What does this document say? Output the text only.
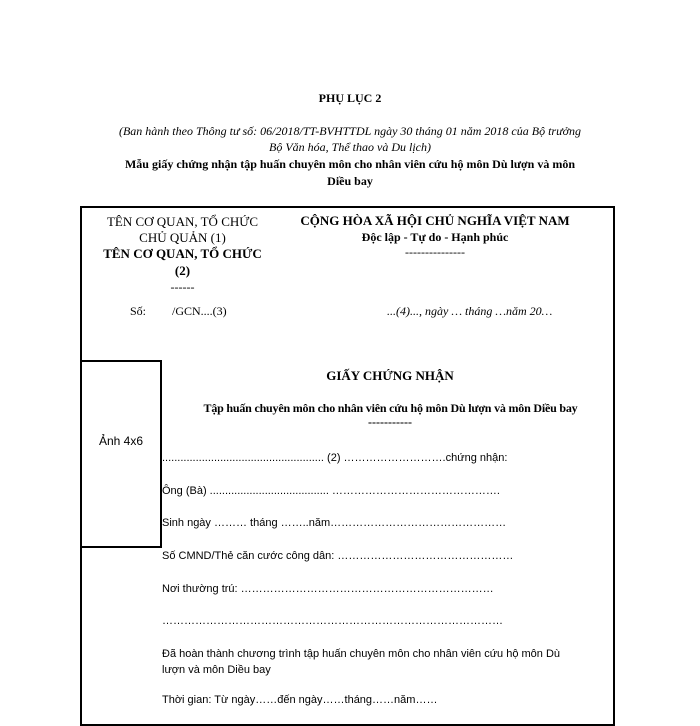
PHỤ LỤC 2
(Ban hành theo Thông tư số: 06/2018/TT-BVHTTDL ngày 30 tháng 01 năm 2018 của Bộ trưởng
Bộ Văn hóa, Thể thao và Du lịch)
Mẫu giấy chứng nhận tập huấn chuyên môn cho nhân viên cứu hộ môn Dù lượn và môn
Diều bay
TÊN CƠ QUAN, TỔ CHỨC
CHỦ QUẢN (1)
TÊN CƠ QUAN, TỔ CHỨC
(2)
------
CỘNG HÒA XÃ HỘI CHỦ NGHĨA VIỆT NAM
Độc lập - Tự do - Hạnh phúc
---------------
Số: /GCN....(3)	...(4)..., ngày … tháng …năm 20…
Ảnh 4x6
GIẤY CHỨNG NHẬN
Tập huấn chuyên môn cho nhân viên cứu hộ môn Dù lượn và môn Diều bay
-----------
..................................................... (2) ……………………….chứng nhận:
Ông (Bà) ....................................... ……………………………………….
Sinh ngày ……… tháng ……..năm…………………………………………
Số CMND/Thẻ căn cước công dân: …………………………………………
Nơi thường trú: ……………………………………………………………
…………………………………………………………………………………
Đã hoàn thành chương trình tập huấn chuyên môn cho nhân viên cứu hộ môn Dù
lượn và môn Diều bay
Thời gian: Từ ngày……đến ngày……tháng……năm……
